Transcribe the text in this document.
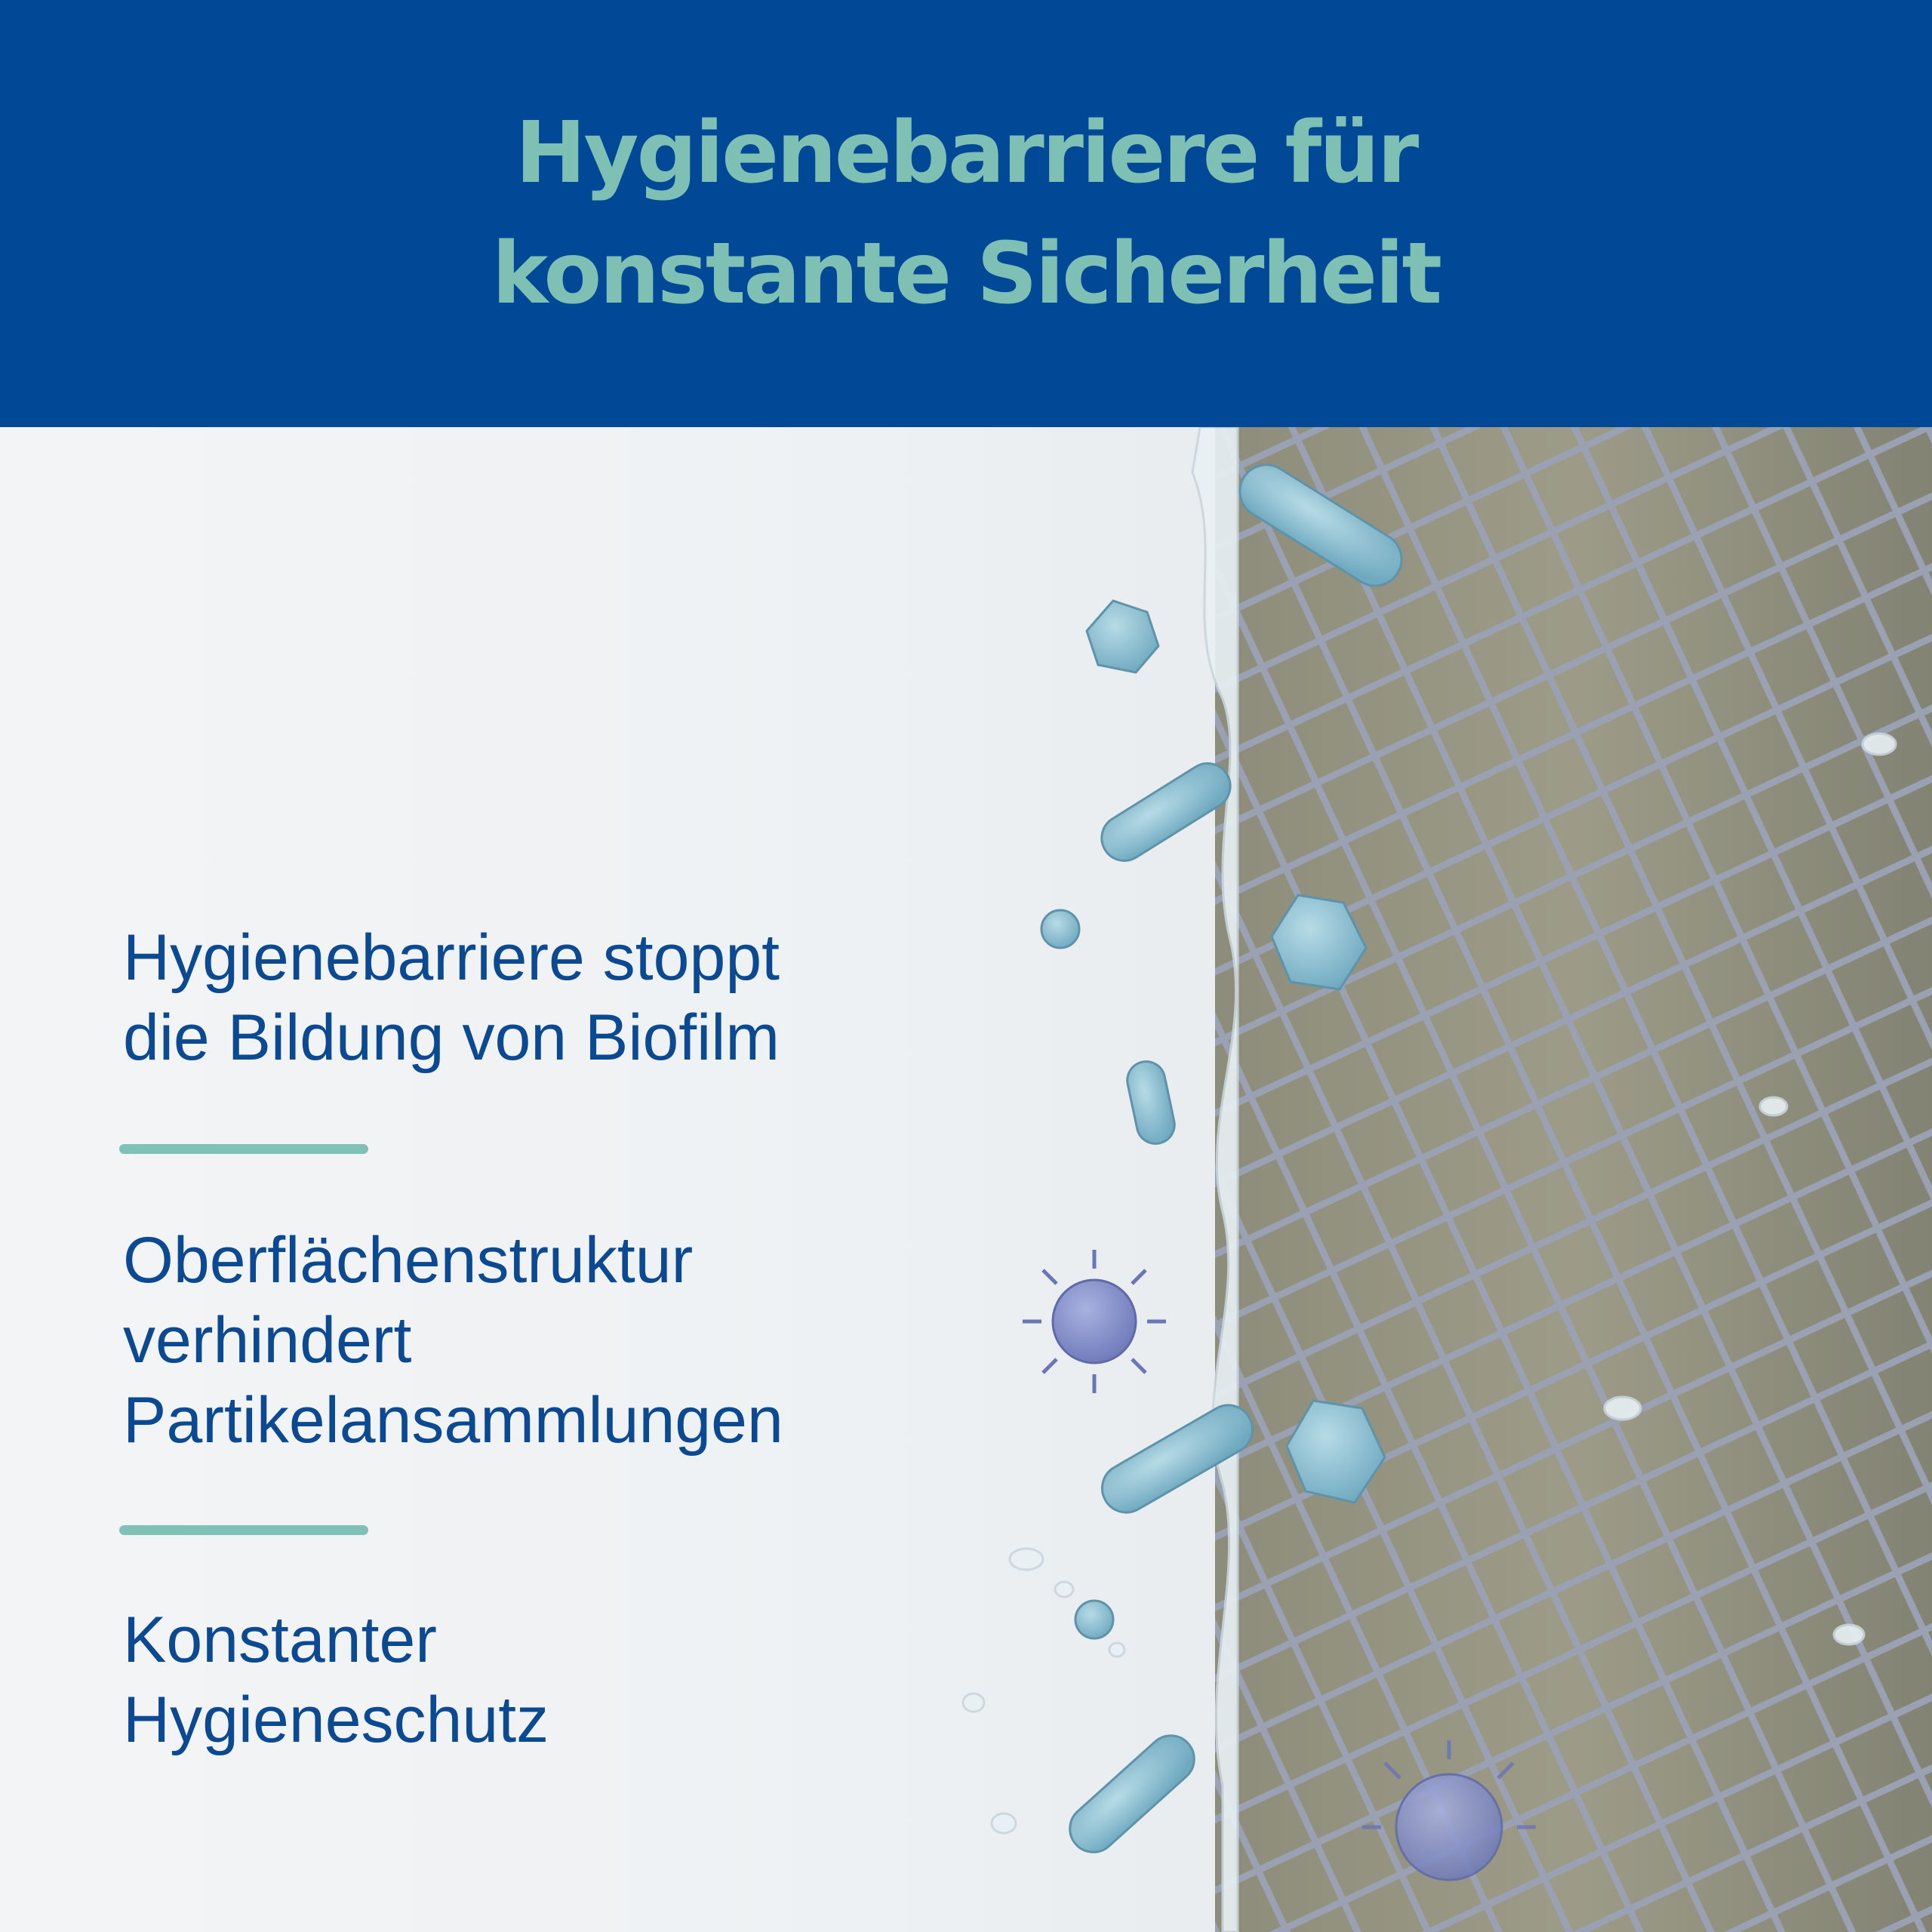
Hygienebarriere für
konstante Sicherheit

Hygienebarriere stoppt

die Bildung von Biofilm

Oberflächenstruktur

verhindert

Partikelansammlungen

Konstanter

Hygieneschutz
